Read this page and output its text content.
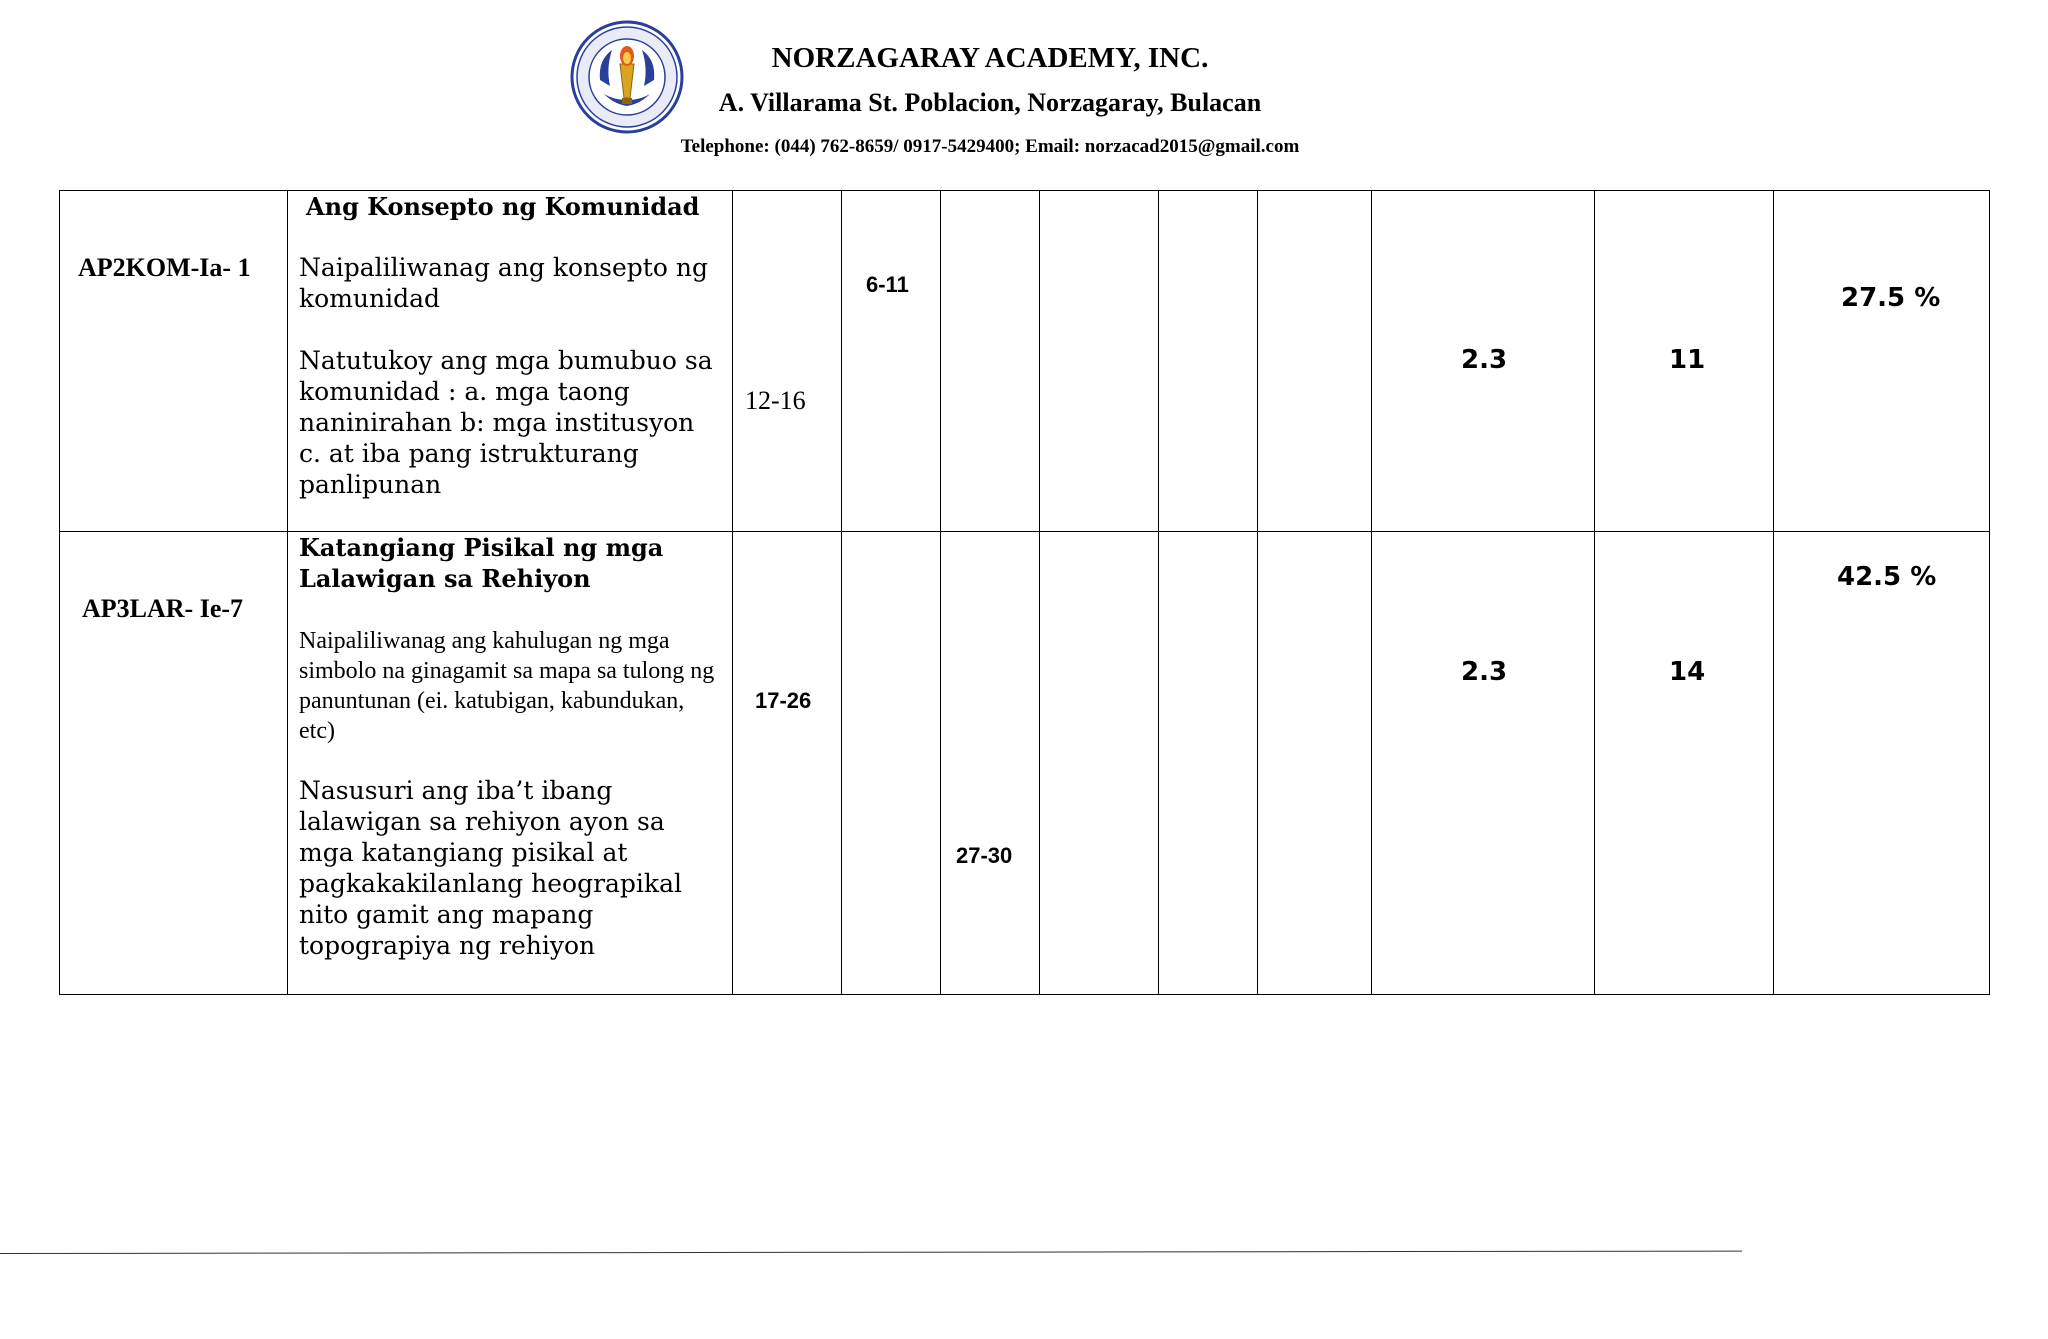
NORZAGARAY ACADEMY, INC.
A. Villarama St. Poblacion, Norzagaray, Bulacan
Telephone: (044) 762-8659/ 0917-5429400; Email: norzacad2015@gmail.com
AP2KOM-Ia- 1	Ang Konsepto ng Komunidad
Naipaliliwanag ang konsepto ng komunidad
Natutukoy ang mga bumubuo sa komunidad : a. mga taong naninirahan b: mga institusyon c. at iba pang istrukturang panlipunan	12-16	6-11					2.3	11	27.5 %

AP3LAR- Ie-7	Katangiang Pisikal ng mga Lalawigan sa Rehiyon
Naipaliliwanag ang kahulugan ng mga simbolo na ginagamit sa mapa sa tulong ng panuntunan (ei. katubigan, kabundukan, etc)
Nasusuri ang iba’t ibang lalawigan sa rehiyon ayon sa mga katangiang pisikal at pagkakakilanlang heograpikal nito gamit ang mapang topograpiya ng rehiyon	17-26		27-30				2.3	14	42.5 %
